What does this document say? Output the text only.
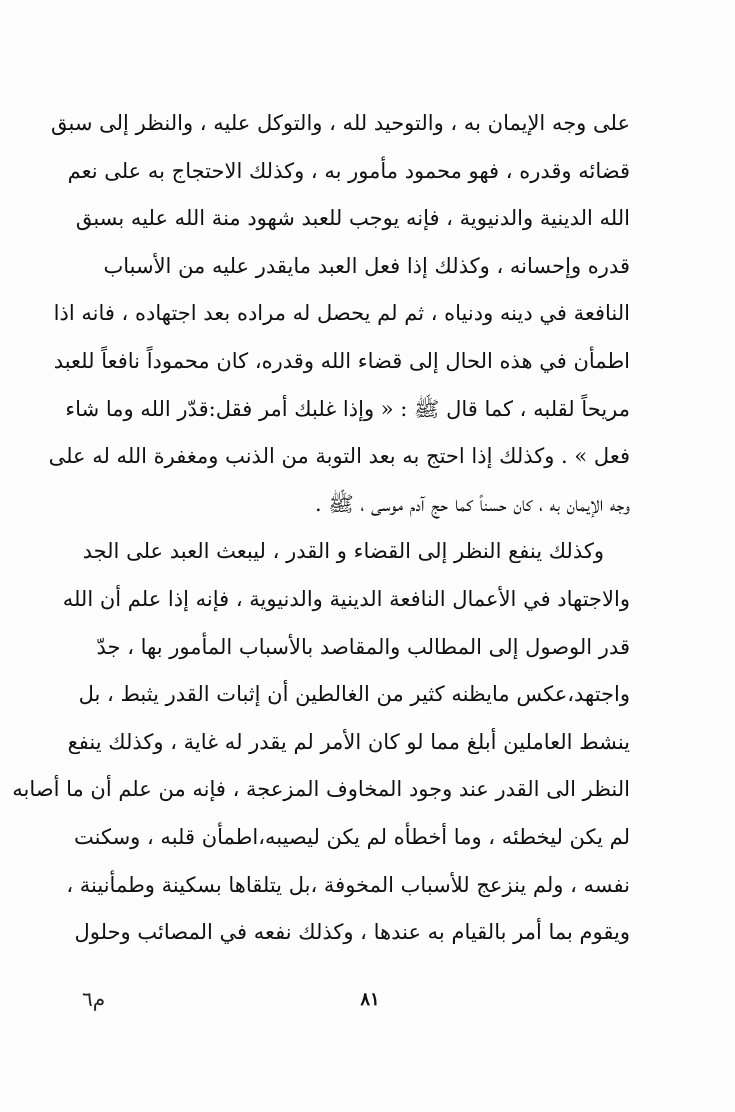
على وجه الإيمان به ، والتوحيد لله ، والتوكل عليه ، والنظر إلى سبق
قضائه وقدره ، فهو محمود مأمور به ، وكذلك الاحتجاج به على نعم
الله الدينية والدنيوية ، فإنه يوجب للعبد شهود منة الله عليه بسبق
قدره وإحسانه ، وكذلك إذا فعل العبد مايقدر عليه من الأسباب
النافعة في دينه ودنياه ، ثم لم يحصل له مراده بعد اجتهاده ، فانه اذا
اطمأن في هذه الحال إلى قضاء الله وقدره، كان محموداً نافعاً للعبد
مريحاً لقلبه ، كما قال ﷺ : « وإذا غلبك أمر فقل:قدّر الله وما شاء
فعل » . وكذلك إذا احتج به بعد التوبة من الذنب ومغفرة الله له على
وجه الإيمان به ، كان حسناً كما حج آدم موسى ، ﷺ .
وكذلك ينفع النظر إلى القضاء و القدر ، ليبعث العبد على الجد
والاجتهاد في الأعمال النافعة الدينية والدنيوية ، فإنه إذا علم أن الله
قدر الوصول إلى المطالب والمقاصد بالأسباب المأمور بها ، جدّ
واجتهد،عكس مايظنه كثير من الغالطين أن إثبات القدر يثبط ، بل
ينشط العاملين أبلغ مما لو كان الأمر لم يقدر له غاية ، وكذلك ينفع
النظر الى القدر عند وجود المخاوف المزعجة ، فإنه من علم أن ما أصابه
لم يكن ليخطئه ، وما أخطأه لم يكن ليصيبه،اطمأن قلبه ، وسكنت
نفسه ، ولم ينزعج للأسباب المخوفة ،بل يتلقاها بسكينة وطمأنينة ،
ويقوم بما أمر بالقيام به عندها ، وكذلك نفعه في المصائب وحلول
٨١
م٦
